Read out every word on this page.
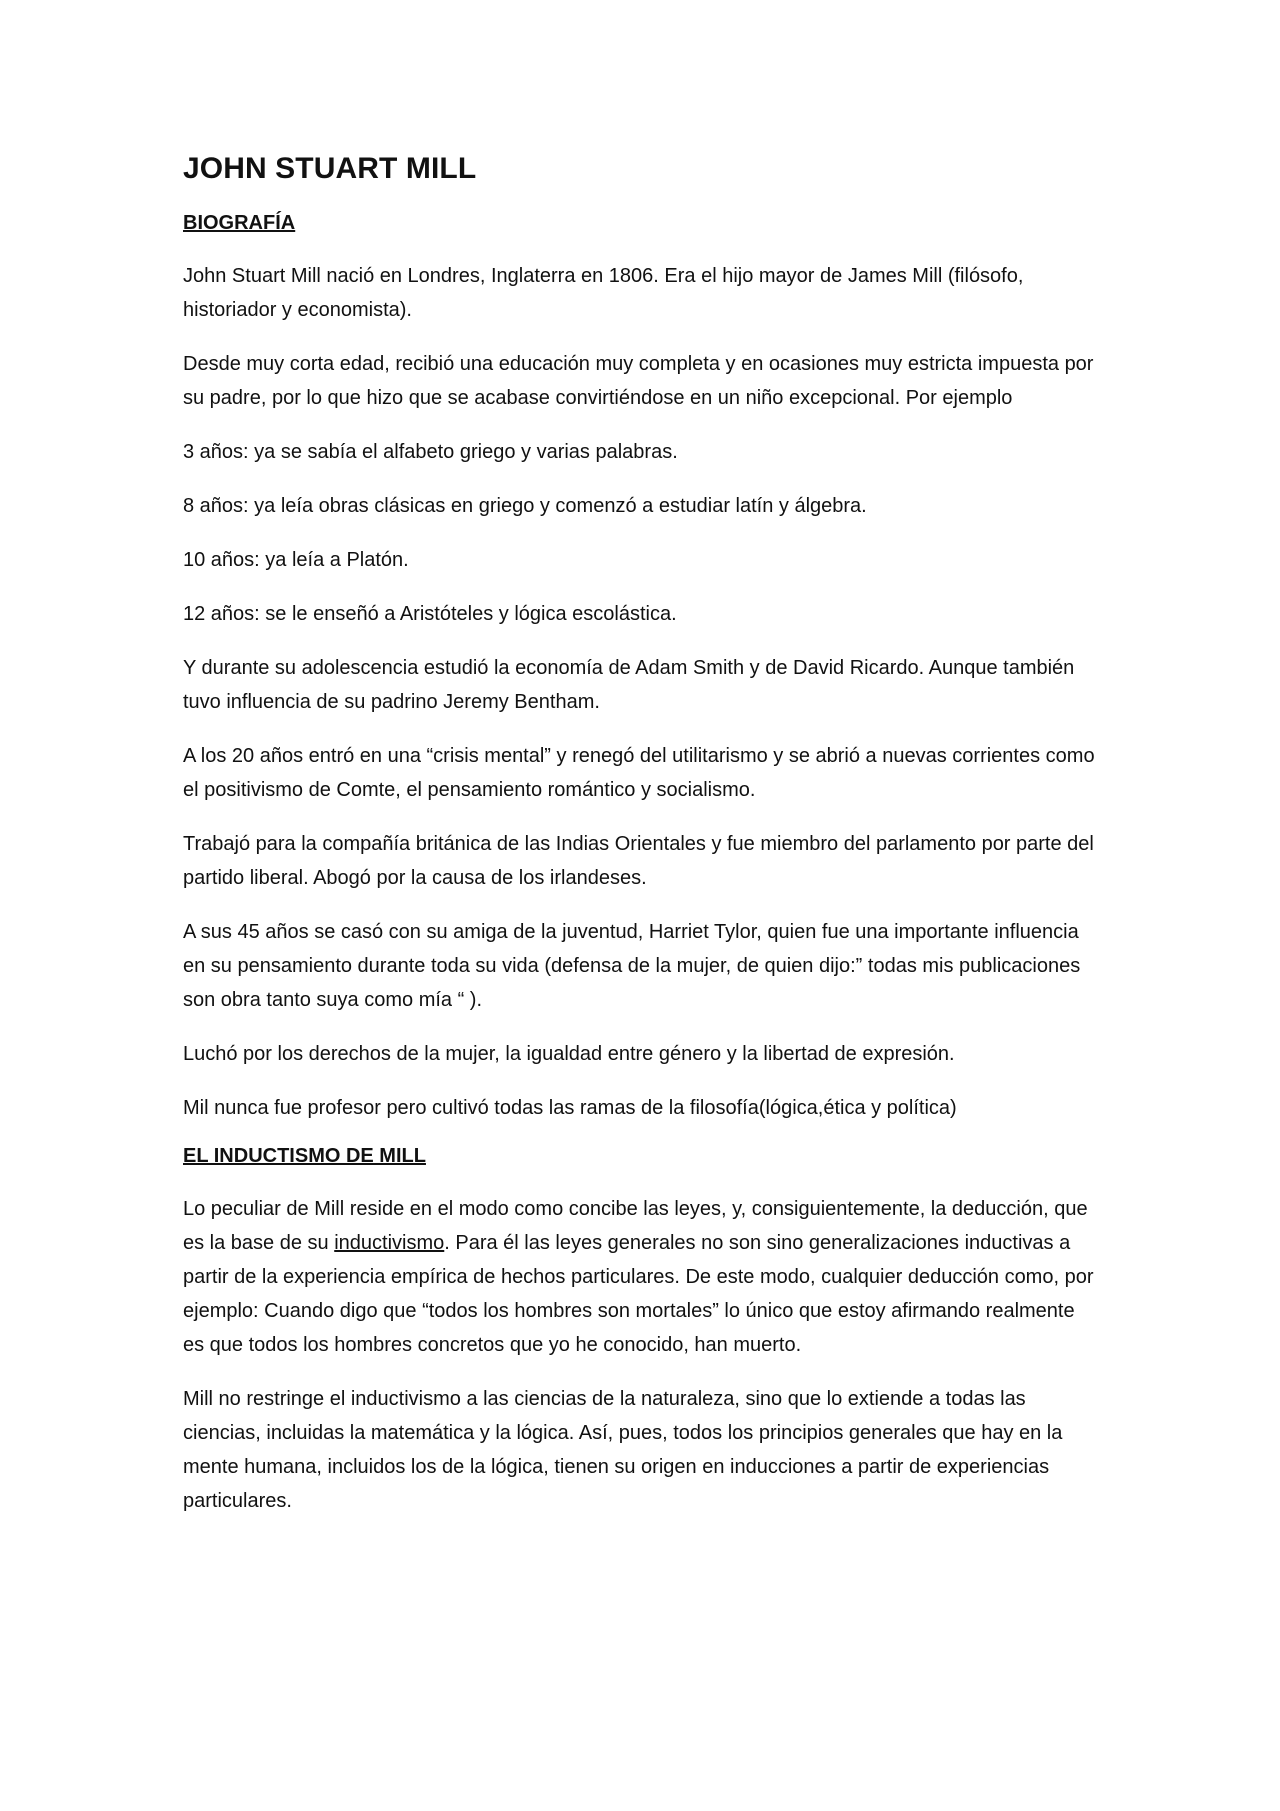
JOHN STUART MILL
BIOGRAFÍA

John Stuart Mill nació en Londres, Inglaterra en 1806. Era el hijo mayor de James Mill (filósofo, historiador y economista).

Desde muy corta edad, recibió una educación muy completa y en ocasiones muy estricta impuesta por su padre, por lo que hizo que se acabase convirtiéndose en un niño excepcional. Por ejemplo

3 años: ya se sabía el alfabeto griego y varias palabras.

8 años: ya leía obras clásicas en griego y comenzó a estudiar latín y álgebra.

10 años: ya leía a Platón.

12 años: se le enseñó a Aristóteles y lógica escolástica.

Y durante su adolescencia estudió la economía de Adam Smith y de David Ricardo. Aunque también tuvo influencia de su padrino Jeremy Bentham.

A los 20 años entró en una “crisis mental” y renegó del utilitarismo y se abrió a nuevas corrientes como el positivismo de Comte, el pensamiento romántico y socialismo.

Trabajó para la compañía británica de las Indias Orientales y fue miembro del parlamento por parte del partido liberal. Abogó por la causa de los irlandeses.

A sus 45 años se casó con su amiga de la juventud, Harriet Tylor, quien fue una importante influencia en su pensamiento durante toda su vida (defensa de la mujer, de quien dijo:” todas mis publicaciones son obra tanto suya como mía “ ).

Luchó por los derechos de la mujer, la igualdad entre género y la libertad de expresión.

Mil nunca fue profesor pero cultivó todas las ramas de la filosofía(lógica,ética y política)

EL INDUCTISMO DE MILL

Lo peculiar de Mill reside en el modo como concibe las leyes, y, consiguientemente, la deducción, que es la base de su inductivismo. Para él las leyes generales no son sino generalizaciones inductivas a partir de la experiencia empírica de hechos particulares. De este modo, cualquier deducción como, por ejemplo: Cuando digo que “todos los hombres son mortales” lo único que estoy afirmando realmente es que todos los hombres concretos que yo he conocido, han muerto.

Mill no restringe el inductivismo a las ciencias de la naturaleza, sino que lo extiende a todas las ciencias, incluidas la matemática y la lógica. Así, pues, todos los principios generales que hay en la mente humana, incluidos los de la lógica, tienen su origen en inducciones a partir de experiencias particulares.
